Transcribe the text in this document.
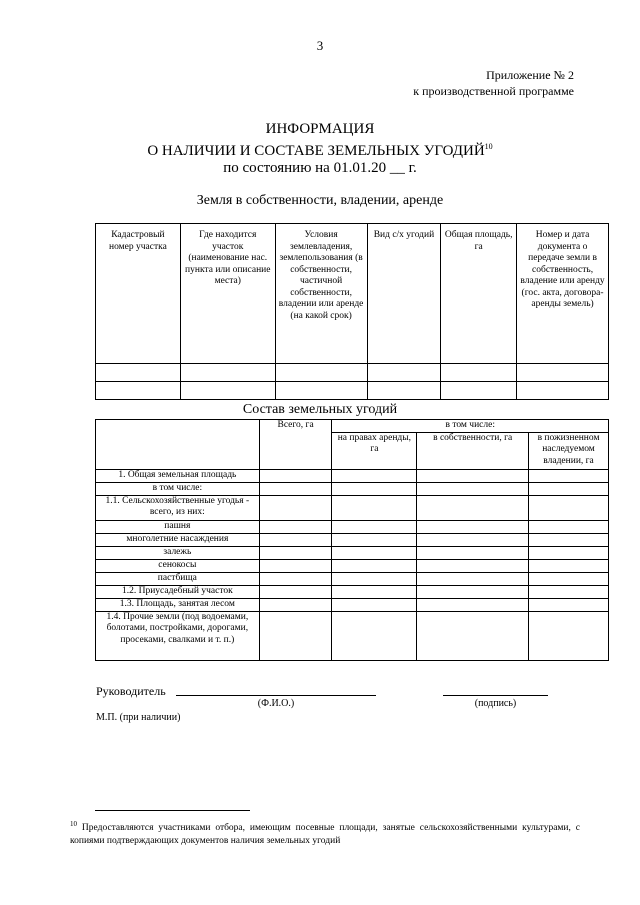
3
Приложение № 2
к производственной программе
ИНФОРМАЦИЯ
О НАЛИЧИИ И СОСТАВЕ ЗЕМЕЛЬНЫХ УГОДИЙ$^{10}$
по состоянию на 01.01.20 __ г.
Земля в собственности, владении, аренде
Кадастровый номер участка	Где находится участок (наименование нас. пункта или описание места)	Условия землевладения, землепользования (в собственности, частичной собственности, владении или аренде (на какой срок)	Вид с/х угодий	Общая площадь, га	Номер и дата документа о передаче земли в собственность, владение или аренду (гос. акта, договора-аренды земель)

Состав земельных угодий
	Всего, га	в том числе:		
		на правах аренды, га	в собственности, га	в пожизненном наследуемом владении, га
1. Общая земельная площадь				
в том числе:				
1.1. Сельскохозяйственные угодья - всего, из них:				
пашня				
многолетние насаждения				
залежь				
сенокосы				
пастбища				
1.2. Приусадебный участок				
1.3. Площадь, занятая лесом				
1.4. Прочие земли (под водоемами, болотами, постройками, дорогами, просеками, свалками и т. п.)				
Руководитель
(Ф.И.О.)	(подпись)
М.П. (при наличии)
$^{10}$ Предоставляются участниками отбора, имеющим посевные площади, занятые сельскохозяйственными культурами, с копиями подтверждающих документов наличия земельных угодий
